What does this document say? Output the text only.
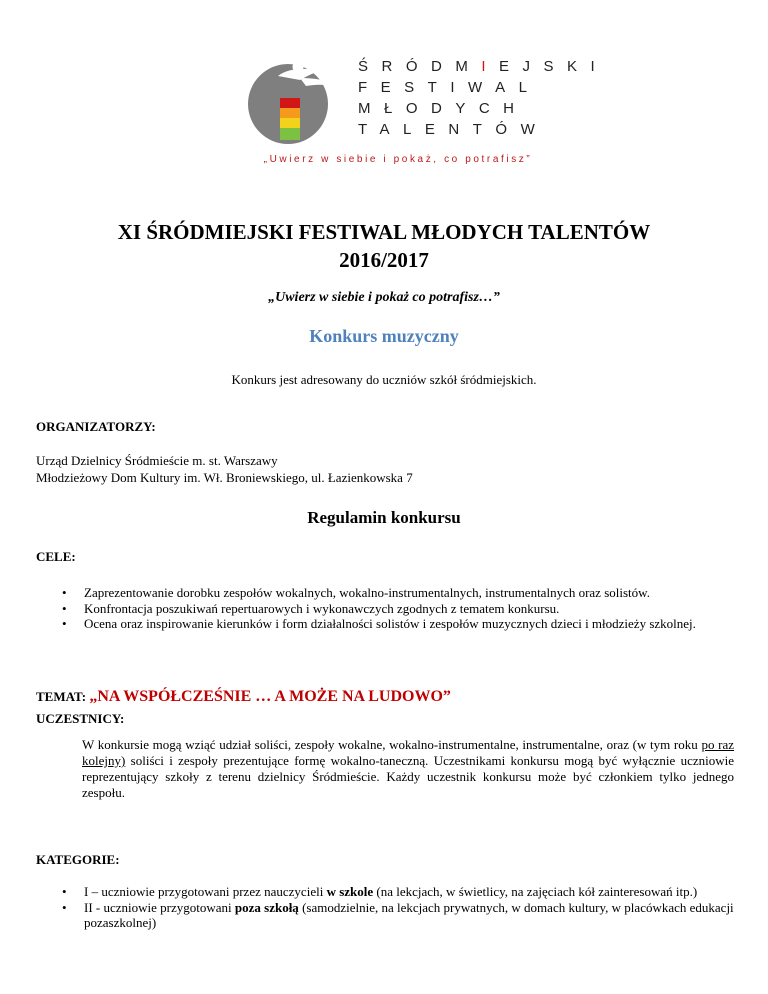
ŚRÓDMIEJSKI
FESTIWAL
MŁODYCH
TALENTÓW
„Uwierz w siebie i pokaż, co potrafisz”
XI ŚRÓDMIEJSKI FESTIWAL MŁODYCH TALENTÓW
2016/2017
„Uwierz w siebie i pokaż co potrafisz…”
Konkurs muzyczny
Konkurs jest adresowany do uczniów szkół śródmiejskich.
ORGANIZATORZY:
Urząd Dzielnicy Śródmieście m. st. Warszawy
Młodzieżowy Dom Kultury im. Wł. Broniewskiego, ul. Łazienkowska 7
Regulamin konkursu
CELE:
• Zaprezentowanie dorobku zespołów wokalnych, wokalno-instrumentalnych, instrumentalnych oraz solistów.
• Konfrontacja poszukiwań repertuarowych i wykonawczych zgodnych z tematem konkursu.
• Ocena oraz inspirowanie kierunków i form działalności solistów i zespołów muzycznych dzieci i młodzieży szkolnej.
TEMAT: „NA WSPÓŁCZEŚNIE … A MOŻE NA LUDOWO”
UCZESTNICY:
W konkursie mogą wziąć udział soliści, zespoły wokalne, wokalno-instrumentalne, instrumentalne, oraz (w tym roku po raz kolejny) soliści i zespoły prezentujące formę wokalno-taneczną. Uczestnikami konkursu mogą być wyłącznie uczniowie reprezentujący szkoły z terenu dzielnicy Śródmieście. Każdy uczestnik konkursu może być członkiem tylko jednego zespołu.
KATEGORIE:
• I – uczniowie przygotowani przez nauczycieli w szkole (na lekcjach, w świetlicy, na zajęciach kół zainteresowań itp.)
• II - uczniowie przygotowani poza szkołą (samodzielnie, na lekcjach prywatnych, w domach kultury, w placówkach edukacji pozaszkolnej)
